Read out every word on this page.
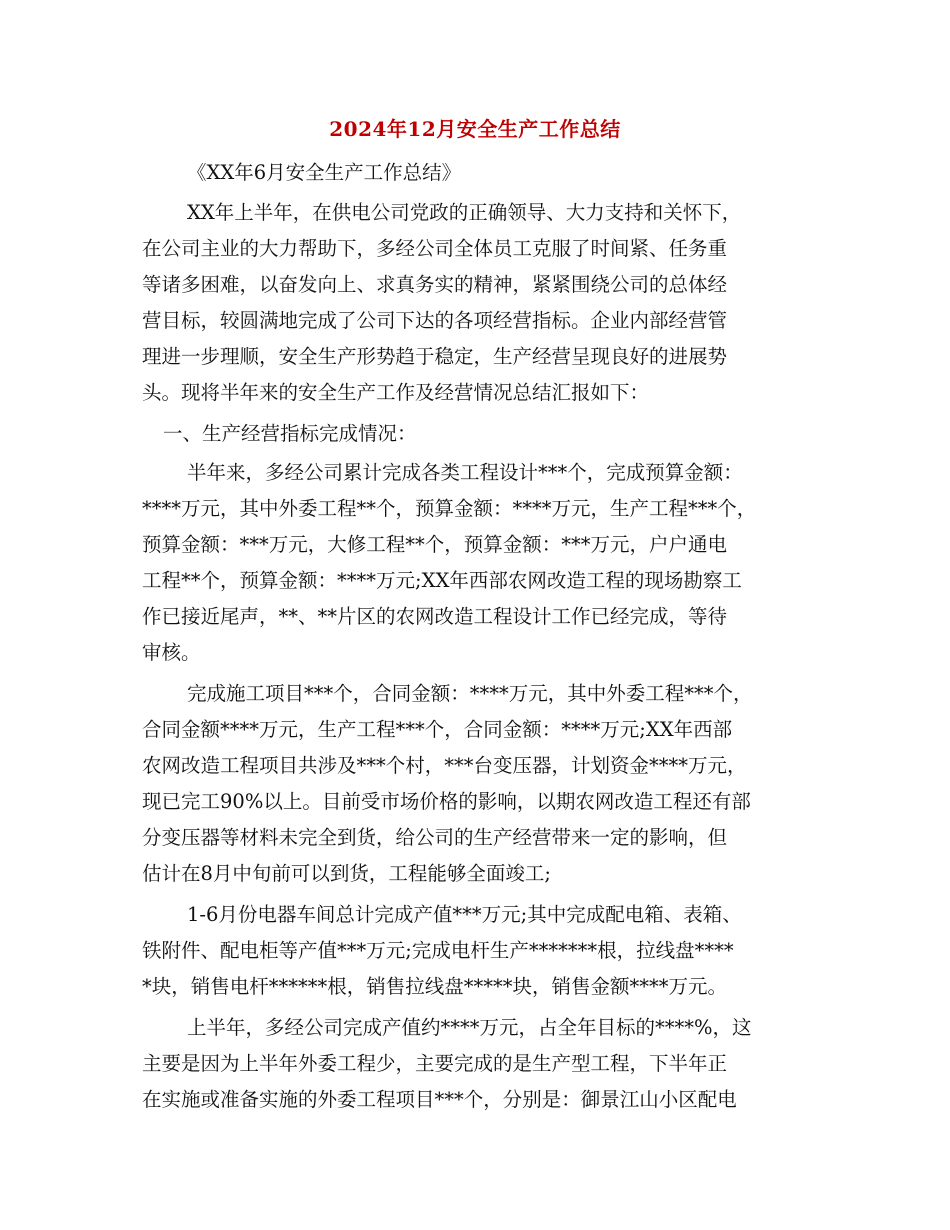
2024年12月安全生产工作总结
《XX年6月安全生产工作总结》
XX年上半年，在供电公司党政的正确领导、大力支持和关怀下，
在公司主业的大力帮助下，多经公司全体员工克服了时间紧、任务重
等诸多困难，以奋发向上、求真务实的精神，紧紧围绕公司的总体经
营目标，较圆满地完成了公司下达的各项经营指标。企业内部经营管
理进一步理顺，安全生产形势趋于稳定，生产经营呈现良好的进展势
头。现将半年来的安全生产工作及经营情况总结汇报如下：
一、生产经营指标完成情况：
半年来，多经公司累计完成各类工程设计***个，完成预算金额：
****万元，其中外委工程**个，预算金额：****万元，生产工程***个，
预算金额：***万元，大修工程**个，预算金额：***万元，户户通电
工程**个，预算金额：****万元;XX年西部农网改造工程的现场勘察工
作已接近尾声，**、**片区的农网改造工程设计工作已经完成，等待
审核。
完成施工项目***个，合同金额：****万元，其中外委工程***个，
合同金额****万元，生产工程***个，合同金额：****万元;XX年西部
农网改造工程项目共涉及***个村，***台变压器，计划资金****万元，
现已完工90%以上。目前受市场价格的影响，以期农网改造工程还有部
分变压器等材料未完全到货，给公司的生产经营带来一定的影响，但
估计在8月中旬前可以到货，工程能够全面竣工;
1-6月份电器车间总计完成产值***万元;其中完成配电箱、表箱、
铁附件、配电柜等产值***万元;完成电杆生产*******根，拉线盘****
*块，销售电杆******根，销售拉线盘*****块，销售金额****万元。
上半年，多经公司完成产值约****万元，占全年目标的****%，这
主要是因为上半年外委工程少，主要完成的是生产型工程，下半年正
在实施或准备实施的外委工程项目***个，分别是：御景江山小区配电
